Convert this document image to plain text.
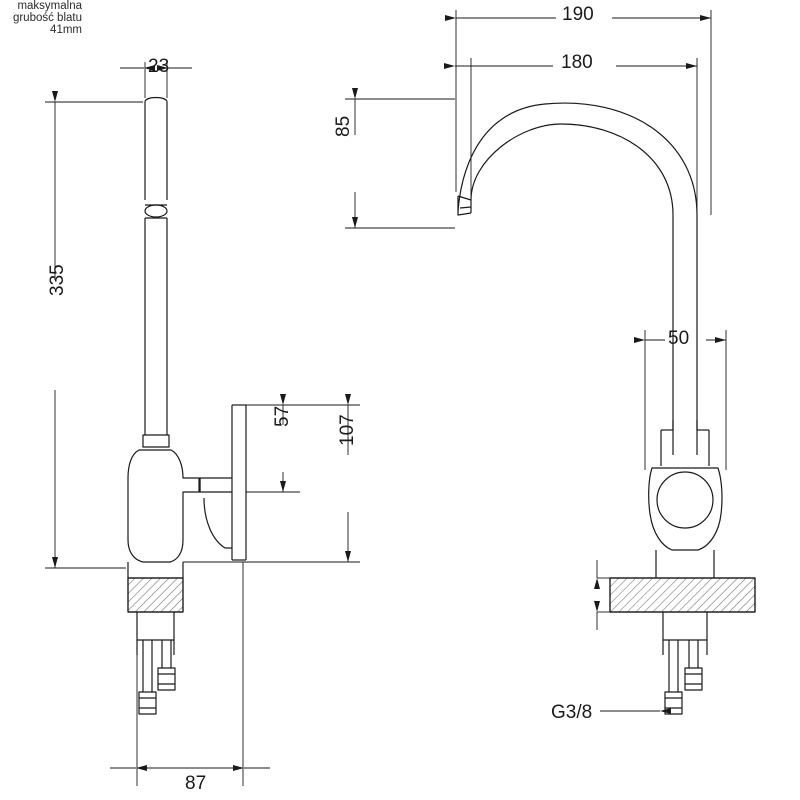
190
180
23
85
335
50
57 107
87
G3/8
maksymalna
grubość blatu 41mm
